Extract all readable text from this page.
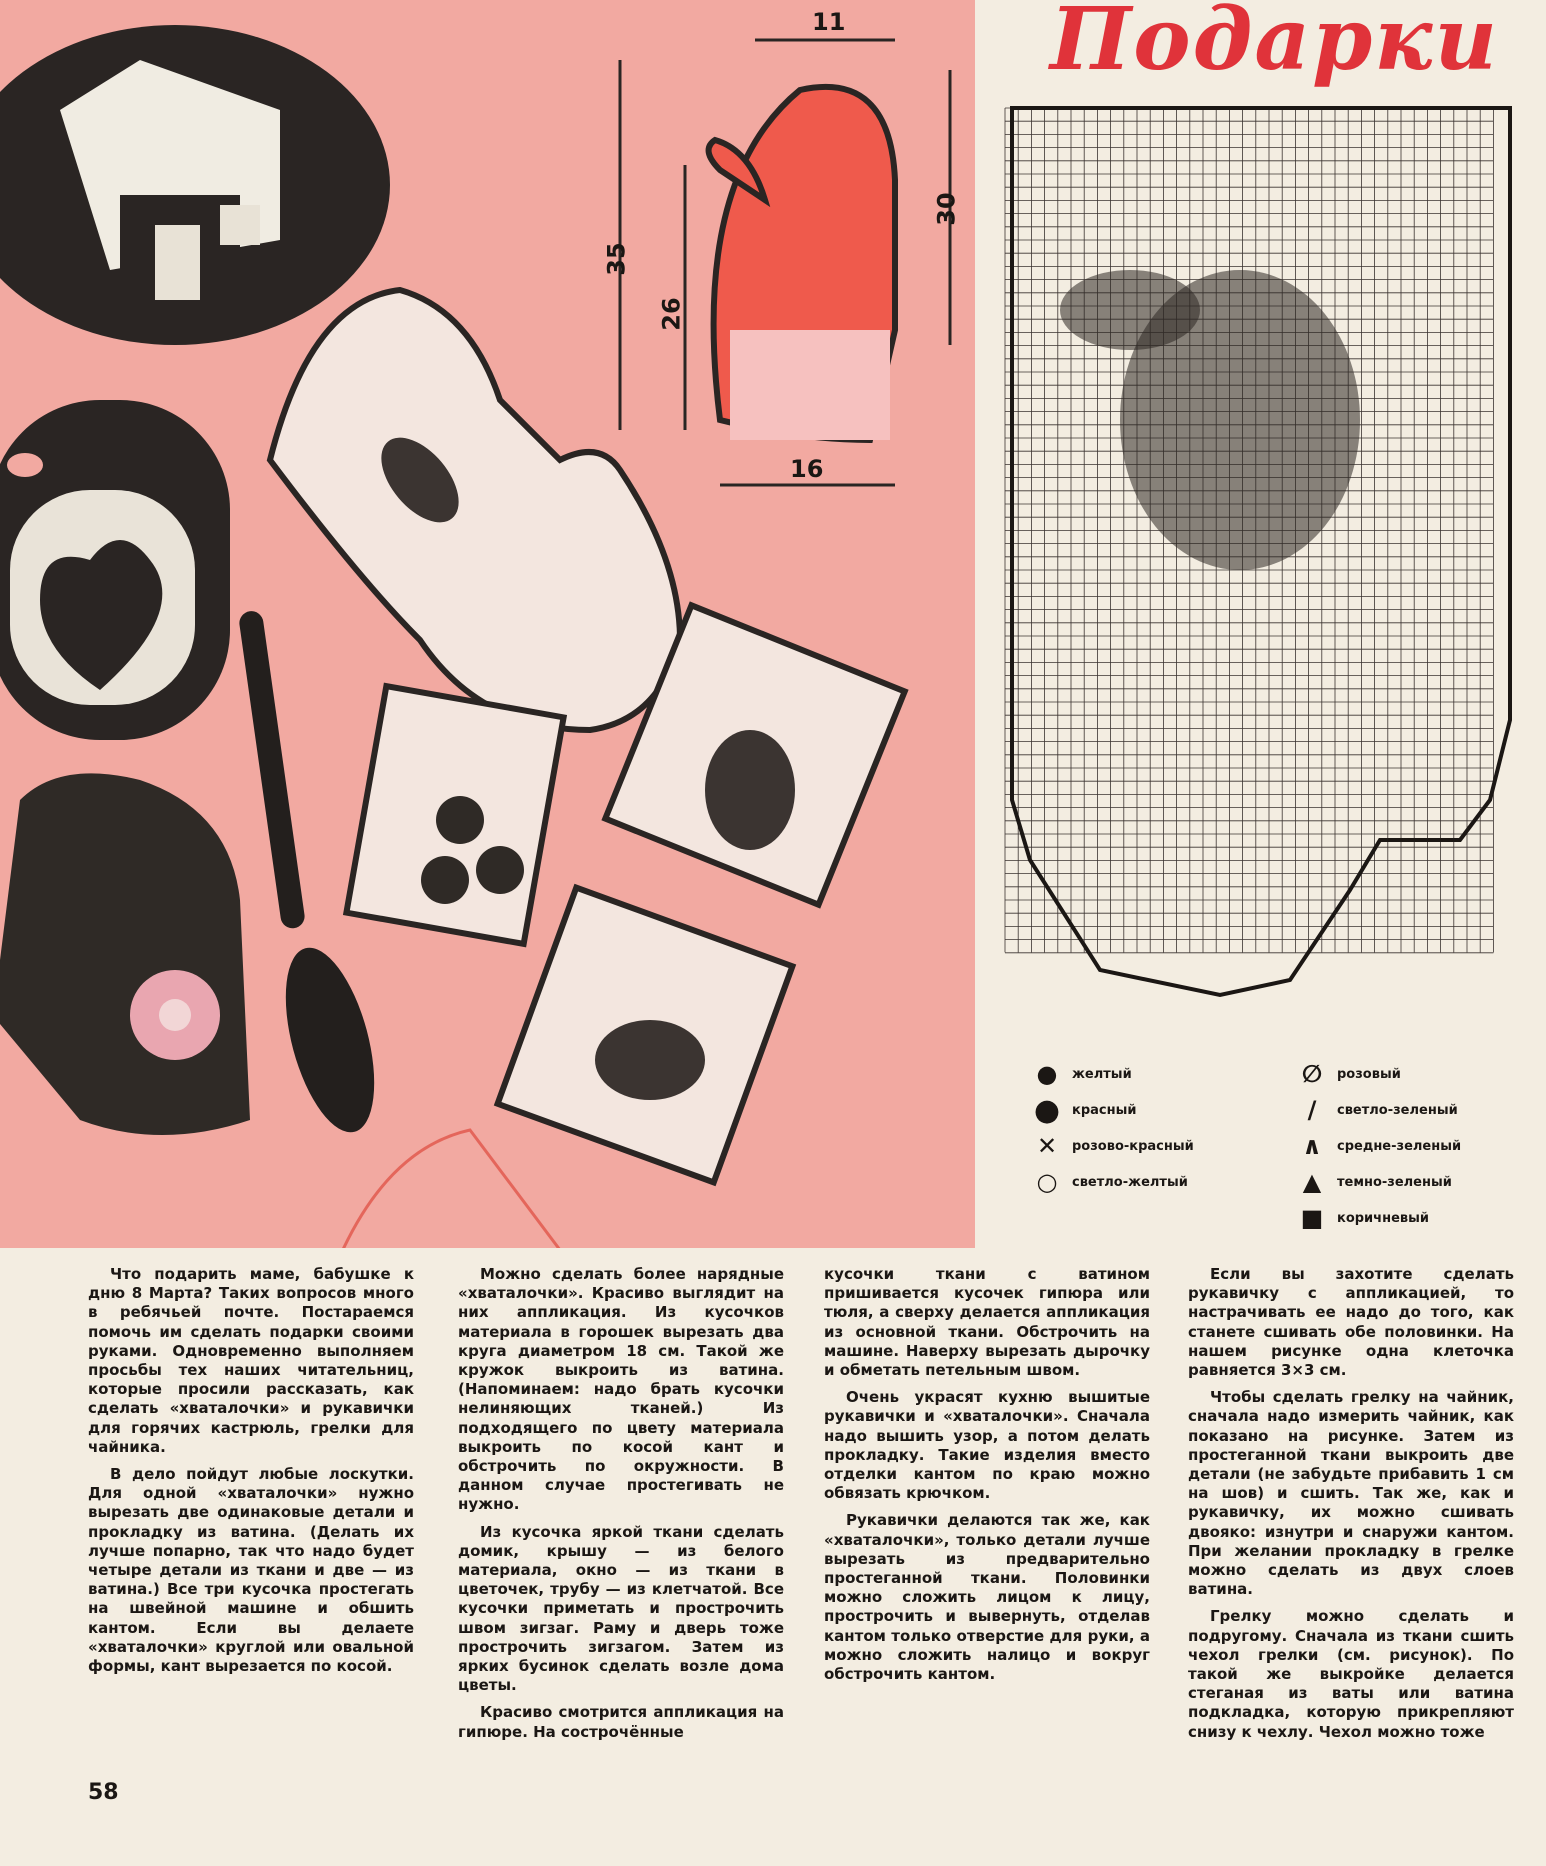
11
30
35
26
16
Подарки
●	желтый
● красный
✕	розово-красный
○	светло-желтый
∅	розовый
/	светло-зеленый
∧	средне-зеленый
▲	темно-зеленый
■	коричневый

Что подарить маме, бабушке к дню 8 Марта? Таких вопросов много в ребячьей почте. Постараемся помочь им сделать подарки своими руками. Одновременно выполняем просьбы тех наших читательниц, которые просили рассказать, как сделать «хваталочки» и рукавички для горячих кастрюль, грелки для чайника.

В дело пойдут любые лоскутки. Для одной «хваталочки» нужно вырезать две одинаковые детали и прокладку из ватина. (Делать их лучше попарно, так что надо будет четыре детали из ткани и две — из ватина.) Все три кусочка простегать на швейной машине и обшить кантом. Если вы делаете «хваталочки» круглой или овальной формы, кант вырезается по косой.

Можно сделать более нарядные «хваталочки». Красиво выглядит на них аппликация. Из кусочков материала в горошек вырезать два круга диаметром 18 см. Такой же кружок выкроить из ватина. (Напоминаем: надо брать кусочки нелиняющих тканей.) Из подходящего по цвету материала выкроить по косой кант и обстрочить по окружности. В данном случае простегивать не нужно.

Из кусочка яркой ткани сделать домик, крышу — из белого материала, окно — из ткани в цветочек, трубу — из клетчатой. Все кусочки приметать и прострочить швом зигзаг. Раму и дверь тоже прострочить зигзагом. Затем из ярких бусинок сделать возле дома цветы.

Красиво смотрится аппликация на гипюре. На сострочённые

кусочки ткани с ватином пришивается кусочек гипюра или тюля, а сверху делается аппликация из основной ткани. Обстрочить на машине. Наверху вырезать дырочку и обметать петельным швом.

Очень украсят кухню вышитые рукавички и «хваталочки». Сначала надо вышить узор, а потом делать прокладку. Такие изделия вместо отделки кантом по краю можно обвязать крючком.

Рукавички делаются так же, как «хваталочки», только детали лучше вырезать из предварительно простеганной ткани. Половинки можно сложить лицом к лицу, прострочить и вывернуть, отделав кантом только отверстие для руки, а можно сложить налицо и вокруг обстрочить кантом.

Если вы захотите сделать рукавичку с аппликацией, то настрачивать ее надо до того, как станете сшивать обе половинки. На нашем рисунке одна клеточка равняется 3×3 см.

Чтобы сделать грелку на чайник, сначала надо измерить чайник, как показано на рисунке. Затем из простеганной ткани выкроить две детали (не забудьте прибавить 1 см на шов) и сшить. Так же, как и рукавичку, их можно сшивать двояко: изнутри и снаружи кантом. При желании прокладку в грелке можно сделать из двух слоев ватина.

Грелку можно сделать и подругому. Сначала из ткани сшить чехол грелки (см. рисунок). По такой же выкройке делается стеганая из ваты или ватина подкладка, которую прикрепляют снизу к чехлу. Чехол можно тоже

58
